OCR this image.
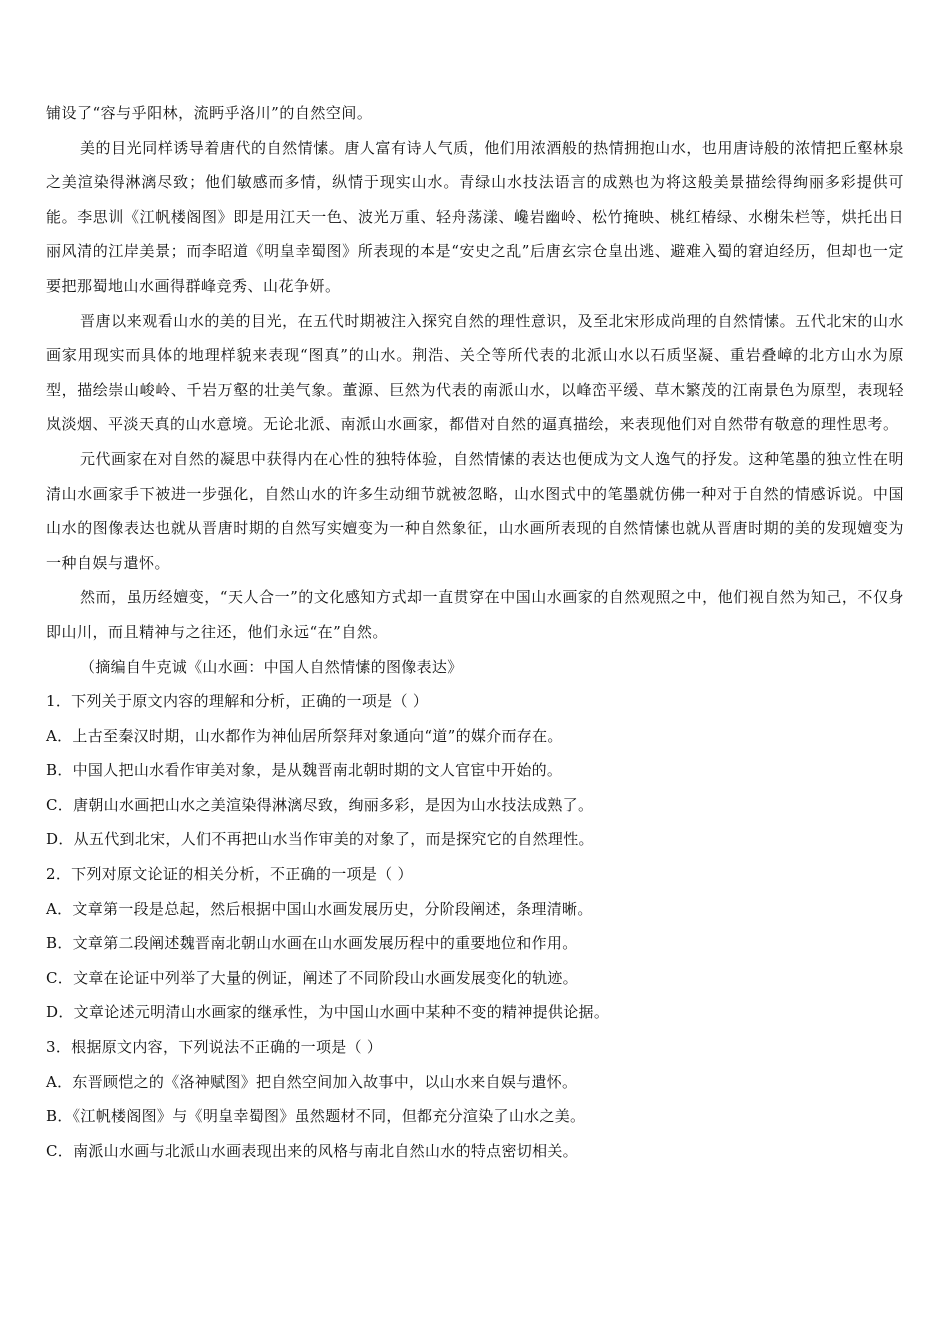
铺设了“容与乎阳林，流眄乎洛川”的自然空间。

美的目光同样诱导着唐代的自然情愫。唐人富有诗人气质，他们用浓酒般的热情拥抱山水，也用唐诗般的浓情把丘壑林泉之美渲染得淋漓尽致；他们敏感而多情，纵情于现实山水。青绿山水技法语言的成熟也为将这般美景描绘得绚丽多彩提供可能。李思训《江帆楼阁图》即是用江天一色、波光万重、轻舟荡漾、巉岩幽岭、松竹掩映、桃红椿绿、水榭朱栏等，烘托出日丽风清的江岸美景；而李昭道《明皇幸蜀图》所表现的本是“安史之乱”后唐玄宗仓皇出逃、避难入蜀的窘迫经历，但却也一定要把那蜀地山水画得群峰竞秀、山花争妍。

晋唐以来观看山水的美的目光，在五代时期被注入探究自然的理性意识，及至北宋形成尚理的自然情愫。五代北宋的山水画家用现实而具体的地理样貌来表现“图真”的山水。荆浩、关仝等所代表的北派山水以石质坚凝、重岩叠嶂的北方山水为原型，描绘崇山峻岭、千岩万壑的壮美气象。董源、巨然为代表的南派山水，以峰峦平缓、草木繁茂的江南景色为原型，表现轻岚淡烟、平淡天真的山水意境。无论北派、南派山水画家，都借对自然的逼真描绘，来表现他们对自然带有敬意的理性思考。

元代画家在对自然的凝思中获得内在心性的独特体验，自然情愫的表达也便成为文人逸气的抒发。这种笔墨的独立性在明清山水画家手下被进一步强化，自然山水的许多生动细节就被忽略，山水图式中的笔墨就仿佛一种对于自然的情感诉说。中国山水的图像表达也就从晋唐时期的自然写实嬗变为一种自然象征，山水画所表现的自然情愫也就从晋唐时期的美的发现嬗变为一种自娱与遣怀。

然而，虽历经嬗变，“天人合一”的文化感知方式却一直贯穿在中国山水画家的自然观照之中，他们视自然为知己，不仅身即山川，而且精神与之往还，他们永远“在”自然。

（摘编自牛克诚《山水画：中国人自然情愫的图像表达》

1．下列关于原文内容的理解和分析，正确的一项是（ ）

A．上古至秦汉时期，山水都作为神仙居所祭拜对象通向“道”的媒介而存在。

B．中国人把山水看作审美对象，是从魏晋南北朝时期的文人官宦中开始的。

C．唐朝山水画把山水之美渲染得淋漓尽致，绚丽多彩，是因为山水技法成熟了。

D．从五代到北宋，人们不再把山水当作审美的对象了，而是探究它的自然理性。

2．下列对原文论证的相关分析，不正确的一项是（ ）

A．文章第一段是总起，然后根据中国山水画发展历史，分阶段阐述，条理清晰。

B．文章第二段阐述魏晋南北朝山水画在山水画发展历程中的重要地位和作用。

C．文章在论证中列举了大量的例证，阐述了不同阶段山水画发展变化的轨迹。

D．文章论述元明清山水画家的继承性，为中国山水画中某种不变的精神提供论据。

3．根据原文内容，下列说法不正确的一项是（ ）

A．东晋顾恺之的《洛神赋图》把自然空间加入故事中，以山水来自娱与遣怀。

B．《江帆楼阁图》与《明皇幸蜀图》虽然题材不同，但都充分渲染了山水之美。

C．南派山水画与北派山水画表现出来的风格与南北自然山水的特点密切相关。
